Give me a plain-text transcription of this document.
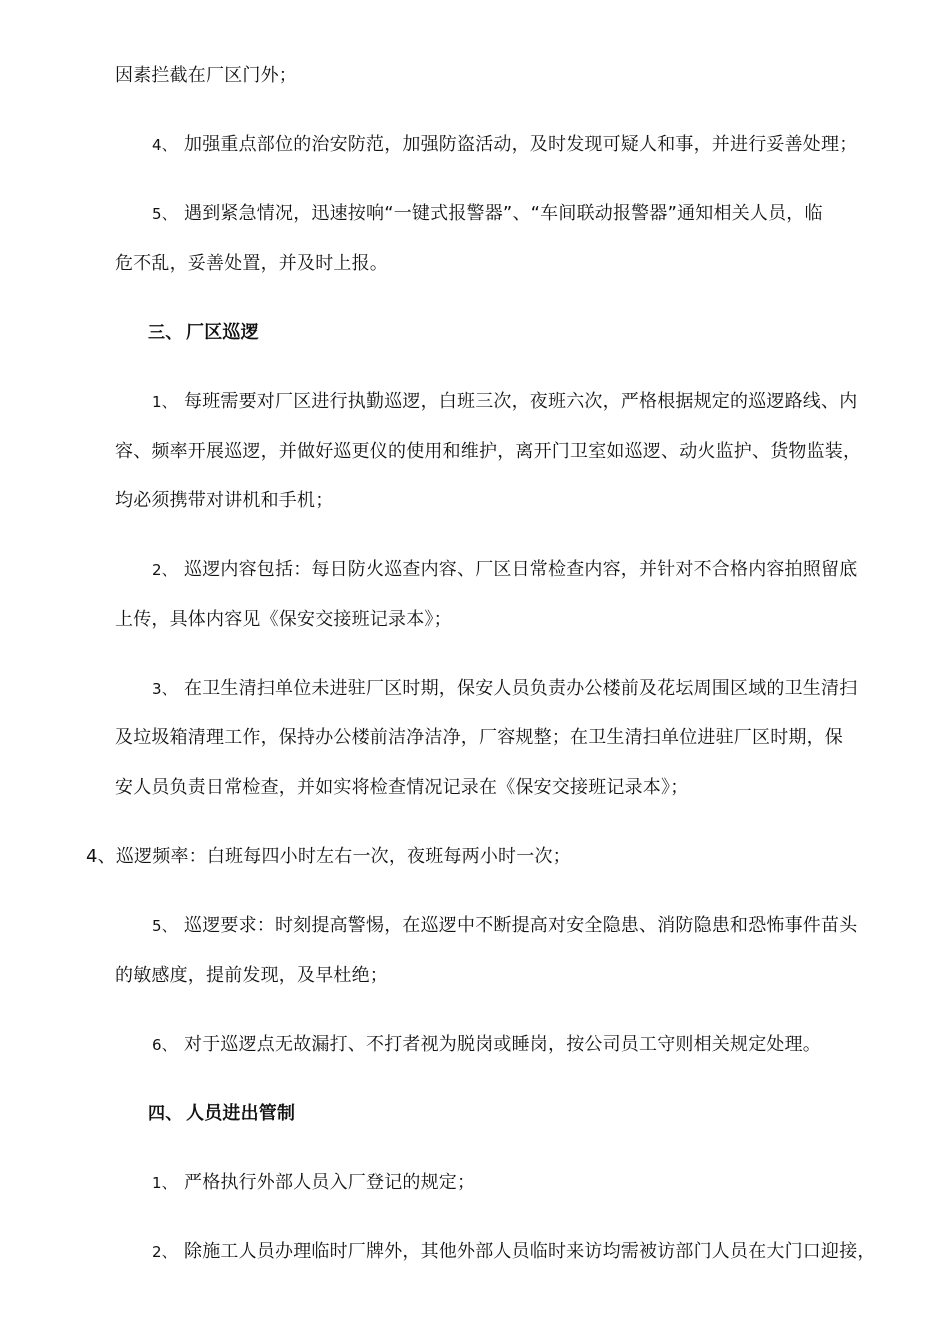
因素拦截在厂区门外；
4、 加强重点部位的治安防范，加强防盗活动，及时发现可疑人和事，并进行妥善处理；
5、 遇到紧急情况，迅速按响“一键式报警器”、“车间联动报警器”通知相关人员，临
危不乱，妥善处置，并及时上报。
三、 厂区巡逻
1、 每班需要对厂区进行执勤巡逻，白班三次，夜班六次，严格根据规定的巡逻路线、内
容、频率开展巡逻，并做好巡更仪的使用和维护，离开门卫室如巡逻、动火监护、货物监装，
均必须携带对讲机和手机；
2、 巡逻内容包括：每日防火巡查内容、厂区日常检查内容，并针对不合格内容拍照留底
上传，具体内容见《保安交接班记录本》；
3、 在卫生清扫单位未进驻厂区时期，保安人员负责办公楼前及花坛周围区域的卫生清扫
及垃圾箱清理工作，保持办公楼前洁净洁净，厂容规整；在卫生清扫单位进驻厂区时期，保
安人员负责日常检查，并如实将检查情况记录在《保安交接班记录本》；
4、巡逻频率：白班每四小时左右一次，夜班每两小时一次；
5、 巡逻要求：时刻提高警惕，在巡逻中不断提高对安全隐患、消防隐患和恐怖事件苗头
的敏感度，提前发现，及早杜绝；
6、 对于巡逻点无故漏打、不打者视为脱岗或睡岗，按公司员工守则相关规定处理。
四、 人员进出管制
1、 严格执行外部人员入厂登记的规定；
2、 除施工人员办理临时厂牌外，其他外部人员临时来访均需被访部门人员在大门口迎接，
